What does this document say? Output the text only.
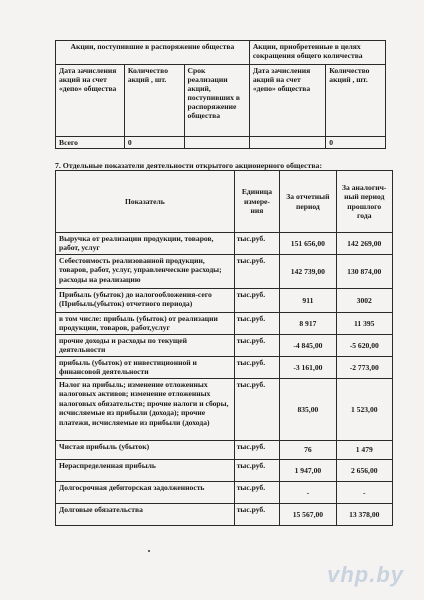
Акции, поступившие в распоряжение общества			Акции, приобретенные в целях сокращения общего количества	
Дата зачисления акций на счет «депо» общества	Количество акций , шт.	Срок реализации акций, поступивших в распоряжение общества	Дата зачисления акций на счет «депо» общества	Количество акций , шт.
Всего	0			0
7. Отдельные показатели деятельности открытого акционерного общества:
Показатель	Единица измере-ния	За отчетный период	За аналогич-ный период прошлого года
Выручка от реализации продукции, товаров, работ, услуг	тыс.руб.	151 656,00	142 269,00
Себестоимость реализованной продукции, товаров, работ, услуг, управленческие расходы; расходы на реализацию	тыс.руб.	142 739,00	130 874,00
Прибыль (убыток) до налогообложения-сего (Прибыль(убыток) отчетного периода)	тыс.руб.	911	3002
в том числе: прибыль (убыток) от реализации продукции, товаров, работ,услуг	тыс.руб.	8 917	11 395
прочие доходы и расходы по текущей деятельности	тыс.руб.	-4 845,00	-5 620,00
прибыль (убыток) от инвестиционной и финансовой деятельности	тыс.руб.	-3 161,00	-2 773,00
Налог на прибыль; изменение отложенных налоговых активов; изменение отложенных налоговых обязательств; прочие налоги и сборы, исчисляемые из прибыли (дохода); прочие платежи, исчисляемые из прибыли (дохода)	тыс.руб.	835,00	1 523,00
Чистая прибыль (убыток)	тыс.руб.	76	1 479
Нераспределенная прибыль	тыс.руб.	1 947,00	2 656,00
Долгосрочная дебиторская задолженность	тыс.руб.	-	-
Долговые обязательства	тыс.руб.	15 567,00	13 378,00
vhp.by
